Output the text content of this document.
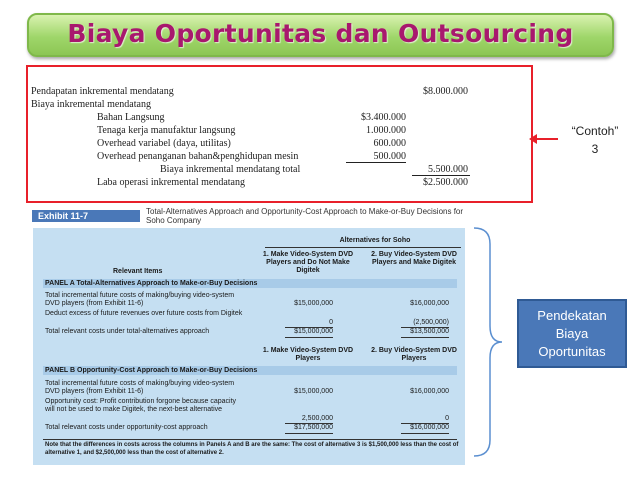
Biaya Oportunitas dan Outsourcing
Pendapatan inkremental mendatang	$8.000.000
Biaya inkremental mendatang
Bahan Langsung	$3.400.000
Tenaga kerja manufaktur langsung	1.000.000
Overhead variabel (daya, utilitas)	600.000
Overhead penanganan bahan&penghidupan mesin	500.000
Biaya inkremental mendatang total	5.500.000
Laba operasi inkremental mendatang	$2.500.000
“Contoh”
3
Exhibit 11-7	Total-Alternatives Approach and Opportunity-Cost Approach to Make-or-Buy Decisions for Soho Company
Alternatives for Soho
1. Make Video-System DVD Players and Do Not Make Digitek
2. Buy Video-System DVD Players and Make Digitek
Relevant Items
PANEL A Total-Alternatives Approach to Make-or-Buy Decisions
Total incremental future costs of making/buying video-system DVD players (from Exhibit 11-6)	$15,000,000	$16,000,000
Deduct excess of future revenues over future costs from Digitek
0	(2,500,000)
Total relevant costs under total-alternatives approach	$15,000,000	$13,500,000
1. Make Video-System DVD Players
2. Buy Video-System DVD Players
PANEL B Opportunity-Cost Approach to Make-or-Buy Decisions
Total incremental future costs of making/buying video-system DVD players (from Exhibit 11-6)	$15,000,000	$16,000,000
Opportunity cost: Profit contribution forgone because capacity will not be used to make Digitek, the next-best alternative
2,500,000	0
Total relevant costs under opportunity-cost approach	$17,500,000	$16,000,000
Note that the differences in costs across the columns in Panels A and B are the same: The cost of alternative 3 is $1,500,000 less than the cost of alternative 1, and $2,500,000 less than the cost of alternative 2.
Pendekatan
Biaya
Oportunitas
